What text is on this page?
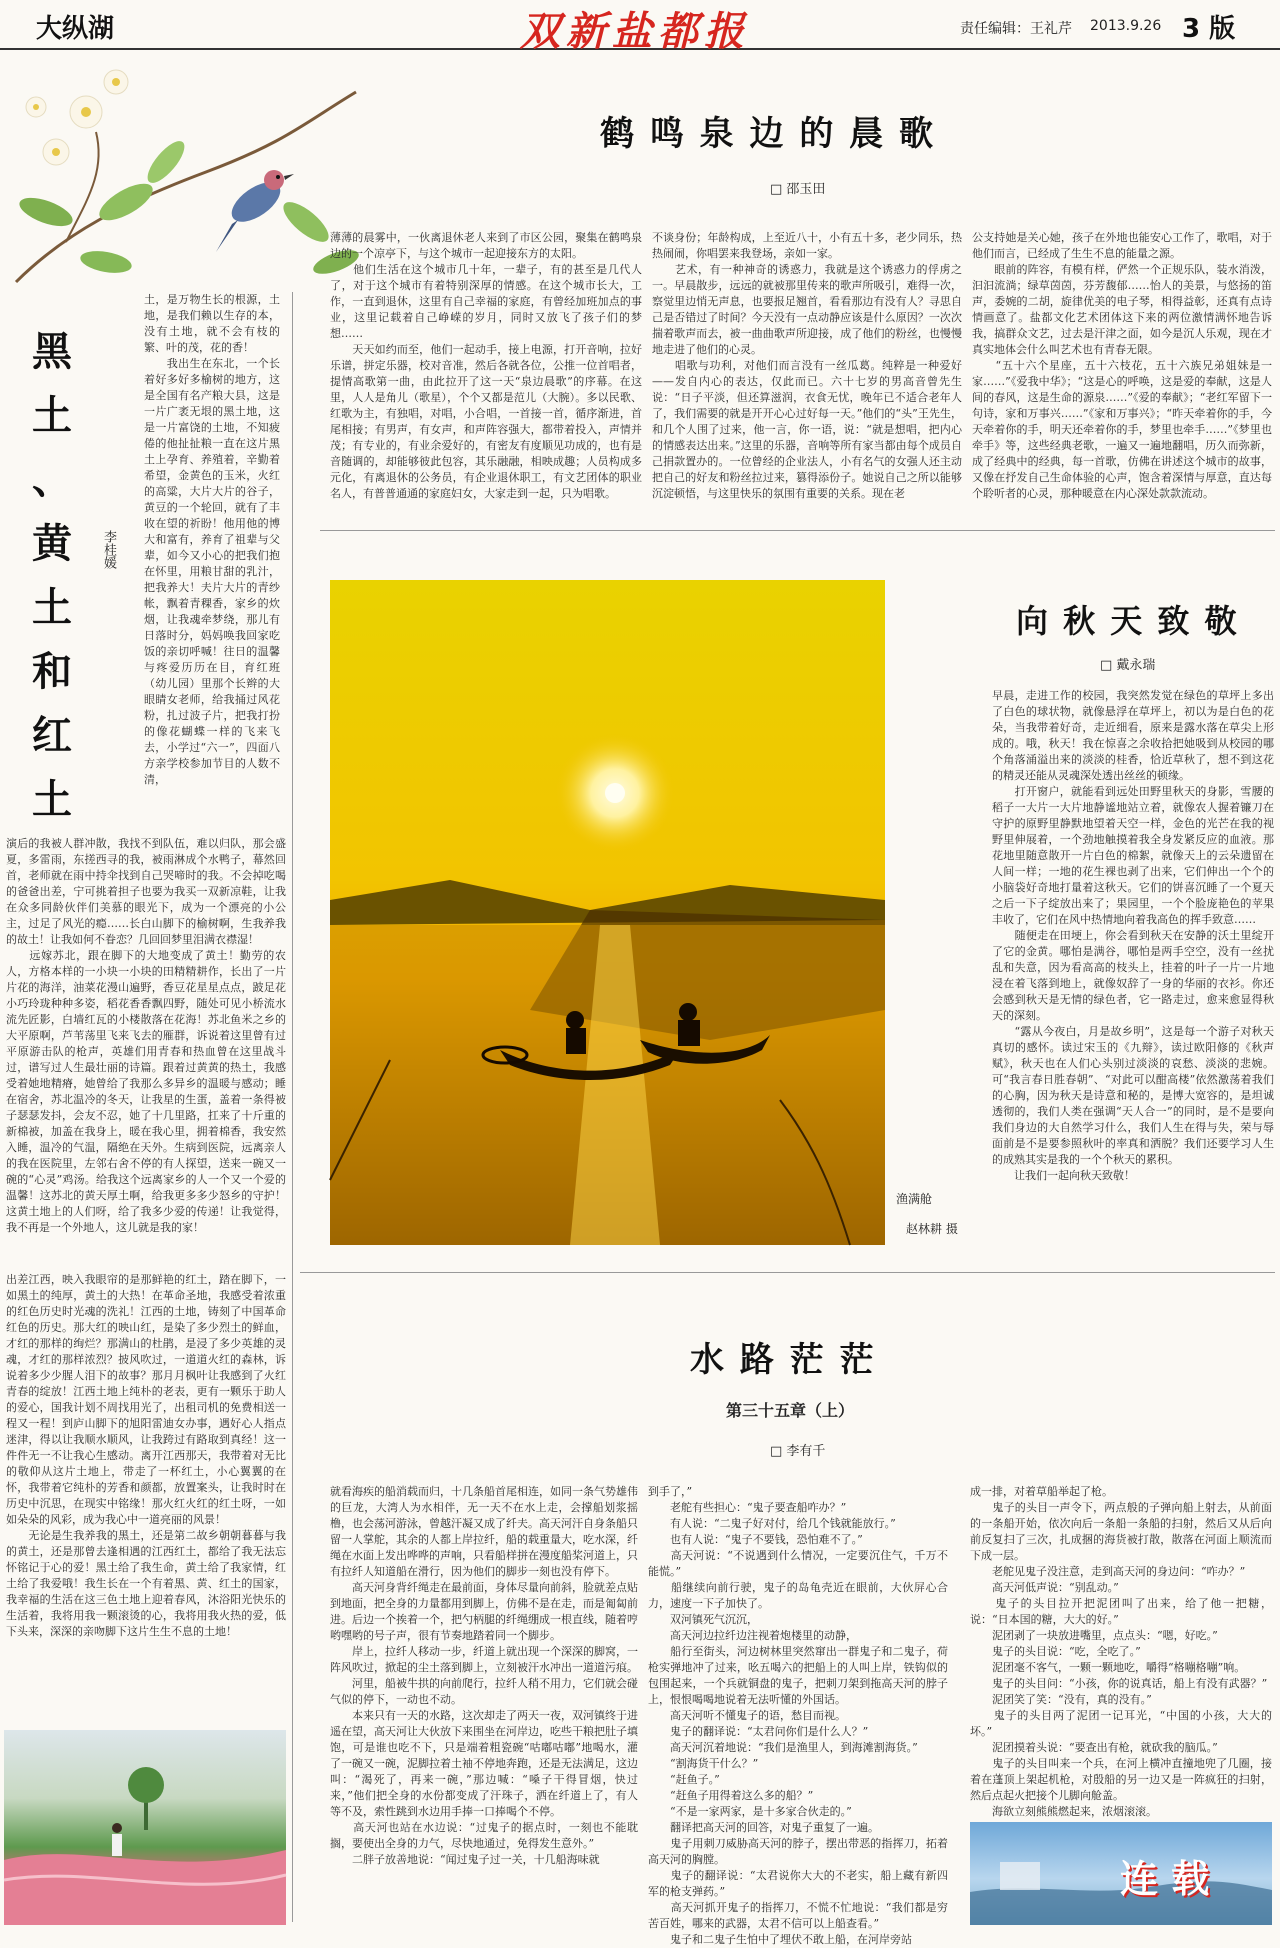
大纵湖	双新盐都报	责任编辑：王礼芹 2013.9.26 3 版
鹤 鸣 泉 边 的 晨 歌
□ 邵玉田
薄薄的晨雾中，一伙离退休老人来到了市区公园，聚集在鹤鸣泉边的一个凉亭下，与这个城市一起迎接东方的太阳。
　　他们生活在这个城市几十年，一辈子，有的甚至是几代人了，对于这个城市有着特别深厚的情感。在这个城市长大，工作，一直到退休，这里有自己幸福的家庭，有曾经加班加点的事业，这里记载着自己峥嵘的岁月，同时又放飞了孩子们的梦想……
　　天天如约而至，他们一起动手，接上电源，打开音响，拉好乐谱，拼定乐器，校对音准，然后各就各位，公推一位首唱者，提情高歌第一曲，由此拉开了这一天“泉边晨歌”的序幕。在这里，人人是角儿（歌星），个个又都是范儿（大腕）。多以民歌、红歌为主，有独唱，对唱，小合唱，一首接一首，循序渐进，首尾相接；有男声，有女声，和声阵容强大，都带着投入，声情并茂；有专业的，有业余爱好的，有密友有度顺见功成的，也有是音随调的，却能够彼此包容，其乐融融，相映成趣；人员构成多元化，有离退休的公务员，有企业退休职工，有文艺团体的职业名人，有普普通通的家庭妇女，大家走到一起，只为唱歌。
不谈身份；年龄构成，上至近八十，小有五十多，老少同乐，热热闹闹，你唱罢来我登场，亲如一家。
　　艺术，有一种神奇的诱惑力，我就是这个诱惑力的俘虏之一。早晨散步，远远的就被那里传来的歌声所吸引，难得一次，察觉里边悄无声息，也要报足翘首，看看那边有没有人？寻思自己是否错过了时间？今天没有一点动静应该是什么原因？一次次揣着歌声而去，被一曲曲歌声所迎接，成了他们的粉丝，也慢慢地走进了他们的心灵。
　　唱歌与功利，对他们而言没有一丝瓜葛。纯粹是一种爱好——发自内心的表达，仅此而已。六十七岁的男高音曾先生说：“日子平淡，但还算滋润，衣食无忧，晚年已不适合老年人了，我们需要的就是开开心心过好每一天。”他们的“头”王先生，和几个人围了过来，他一言，你一语，说：“就是想唱，把内心的情感表达出来。”这里的乐器，音响等所有家当都由每个成员自己捐款置办的。一位曾经的企业法人，小有名气的女强人还主动把自己的好友和粉丝拉过来，篡得添份子。她说自己之所以能够沉淀顿悟，与这里快乐的氛围有重要的关系。现在老
公支持她是关心她，孩子在外地也能安心工作了，歌唱，对于他们而言，已经成了生生不息的能量之源。
　　眼前的阵容，有模有样，俨然一个正规乐队，装水消泼，汩汩流淌；绿草茵茵，芬芳馥郁……怡人的美景，与悠扬的笛声，委婉的二胡，旋律优美的电子琴，相得益彰，还真有点诗情画意了。盐都文化艺术团体这下来的两位激情满怀地告诉我，搞群众文艺，过去是汗津之面，如今是沉人乐观，现在才真实地体会什么叫艺术也有青春无限。
　　“五十六个星座，五十六枝花，五十六族兄弟姐妹是一家……”《爱我中华》；“这是心的呼唤，这是爱的奉献，这是人间的春风，这是生命的源泉……”《爱的奉献》；“老红军留下一句诗，家和万事兴……”《家和万事兴》；“昨天牵着你的手，今天牵着你的手，明天还牵着你的手，梦里也牵手……”《梦里也牵手》等，这些经典老歌，一遍又一遍地翻唱，历久而弥新，成了经典中的经典，每一首歌，仿佛在讲述这个城市的故事，又像在抒发自己生命体验的心声，饱含着深情与厚意，直达每个聆听者的心灵，那种暖意在内心深处款款流动。
黑
土
、
黄
土
和
红
土
李桂媛
土，是万物生长的根源，土地，是我们赖以生存的本，没有土地，就不会有枝的繁、叶的茂，花的香！
　　我出生在东北，一个长着好多好多榆树的地方，这是全国有名产粮大县，这是一片广袤无垠的黑土地，这是一片富饶的土地，不知疲倦的他扯扯粮一直在这片黑土上孕育、养殖着，辛勤着希望，金黄色的玉米，火红的高粱，大片大片的谷子，黄豆的一个轮回，就有了丰收在望的祈盼！他用他的博大和富有，养育了祖辈与父辈，如今又小心的把我们抱在怀里，用粮甘甜的乳汁，把我养大！夫片大片的青纱帐，飘着青稞香，家乡的炊烟，让我魂牵梦绕，那儿有日落时分，妈妈唤我回家吃饭的亲切呼喊！往日的温馨与疼爱历历在目，育红班（幼儿园）里那个长辫的大眼睛女老师，给我捅过风花粉，扎过波子片，把我打扮的像花蝴蝶一样的飞来飞去，小学过“六一”，四面八方亲学校参加节目的人数不清，
演后的我被人群冲散，我找不到队伍，难以归队，那会盛夏，多雷雨，东搓西寻的我，被雨淋成个水鸭子，幕然回首，老师就在雨中持伞找到自己哭啼时的我。不会掉吃喝的爸爸出差，宁可挑着担子也要为我买一双新凉鞋，让我在众多同龄伙伴们美慕的眼光下，成为一个漂亮的小公主，过足了风光的瘾……长白山脚下的榆树啊，生我养我的故土！让我如何不眷恋？几回回梦里泪满衣襟湿！
　　远嫁苏北，跟在脚下的大地变成了黄土！勤劳的农人，方格本样的一小块一小块的田精精耕作，长出了一片片花的海洋，油菜花漫山遍野，香豆花星星点点，跛足花小巧玲珑种种多姿，稻花香香飘四野，随处可见小桥流水流先匠影，白墙红瓦的小楼散落在花海！苏北鱼米之乡的大平原啊，芦苇荡里飞来飞去的雁群，诉说着这里曾有过平原游击队的枪声，英雄们用青春和热血曾在这里战斗过，谱写过人生最壮丽的诗篇。跟着过黄黄的热土，我感受着她地精瘠，她曾给了我那么多异乡的温暖与感动；睡在宿舍，苏北温冷的冬天，让我星的生蛋，盖着一条得被子瑟瑟发抖，会友不忍，她了十几里路，扛来了十斤重的新棉被，加盖在我身上，暖在我心里，拥着棉香，我安然入睡，温冷的气温，隔绝在天外。生病到医院，远离亲人的我在医院里，左邻右舍不停的有人探望，送来一碗又一碗的“心灵”鸡汤。给我这个远离家乡的人一个又一个爱的温馨！这苏北的黄天厚土啊，给我更多多少怒乡的守护！这黄土地上的人们呀，给了我多少爱的传递！让我觉得，我不再是一个外地人，这儿就是我的家！
出差江西，映入我眼帘的是那鲜艳的红土，踏在脚下，一如黑土的纯厚，黄土的大热！在革命圣地，我感受着浓重的红色历史时光魂的洗礼！江西的土地，铸刻了中国革命红色的历史。那大红的映山红，是染了多少烈土的鲜血，才红的那样的绚烂？那满山的杜鹃，是浸了多少英雄的灵魂，才红的那样浓烈？披风吹过，一道道火红的森林，诉说着多少少腥人泪下的故事？那月月枫叶让我感到了火红青春的绽放！江西土地上纯朴的老表，更有一颗乐于助人的爱心，国我计划不周找用光了，出租司机的免费相送一程又一程！到庐山脚下的旭阳雷迪女办事，遇好心人指点迷津，得以让我顺水顺风，让我跨过有路取到真经！这一件件无一不让我心生感动。离开江西那天，我带着对无比的敬仰从这片土地上，带走了一杯红土，小心翼翼的在怀，我带着它纯朴的芳香和颜都，放置案头，让我时时在历史中沉思，在现实中铭缘！那火红火红的红土呀，一如如朵朵的风彩，成为我心中一道亮丽的风景！
　　无论是生我养我的黑土，还是第二故乡朝朝暮暮与我的黄土，还是那曾去逢相遇的江西红土，都给了我无法忘怀铭记于心的爱！黑土给了我生命，黄土给了我家情，红土给了我爱哦！我生长在一个有着黑、黄、红土的国家，我幸福的生活在这三色土地上迎着春风，沐浴阳光快乐的生活着，我将用我一颗滚烫的心，我将用我火热的爱，低下头来，深深的亲吻脚下这片生生不息的土地！
渔满舱
赵林耕 摄
向 秋 天 致 敬
□ 戴永瑞
早晨，走进工作的校园，我突然发觉在绿色的草坪上多出了白色的球状物，就像悬浮在草坪上，初以为是白色的花朵，当我带着好奇，走近细看，原来是露水落在草尖上形成的。哦，秋天！我在惊喜之余收拾把她吸到从校园的哪个角落涌溢出来的淡淡的桂香，恰近草秋了，想不到这花的精灵还能从灵魂深处透出丝丝的顿缘。
　　打开窗户，就能看到远处田野里秋天的身影，雪腰的稻子一大片一大片地静谧地站立着，就像农人握着镰刀在守护的原野里静默地望着天空一样，金色的光芒在我的视野里伸展着，一个劲地触摸着我全身发紧反应的血液。那花地里随意散开一片白色的棉絮，就像天上的云朵遗留在人间一样；一地的花生裸也剥了出来，它们伸出一个个的小脑袋好奇地打量着这秋天。它们的饼喜沉睡了一个夏天之后一下子绽放出来了；果园里，一个个脸庞艳色的苹果丰收了，它们在风中热情地向着我高色的挥手致意……
　　随便走在田埂上，你会看到秋天在安静的沃土里绽开了它的金黄。哪怕是满谷，哪怕是两手空空，没有一丝扰乱和失意，因为看高高的枝头上，挂着的叶子一片一片地浸在着飞落到地上，就像奴辞了一身的华丽的衣衫。你还会感到秋天是无情的绿色者，它一路走过，愈来愈显得秋天的深刻。
　　“露从今夜白，月是故乡明”，这是每一个游子对秋天真切的感怀。读过宋玉的《九辩》，读过欧阳修的《秋声赋》，秋天也在人们心头别过淡淡的哀愁、淡淡的悲婉。可“我言春日胜春朝”、“对此可以酣高楼”依然激荡着我们的心胸，因为秋天是诗意和秘的，是博大宽容的，是坦诚透彻的，我们人类在强调“天人合一”的同时，是不是要向我们身边的大自然学习什么，我们人生在得与失，荣与辱面前是不是要参照秋叶的率真和洒脱？我们还要学习人生的成熟其实是我的一个个秋天的累积。
　　让我们一起向秋天致敬！
水 路 茫 茫
第三十五章（上）
□ 李有千
就看海疾的船消载而归，十几条船首尾相连，如同一条气势雄伟的巨龙，大湾人为水相伴，无一天不在水上走，会撑船划浆摇橹，也会荡河游泳，曾越汗凝又成了纤夫。高天河汗自身条船只留一人掌舵，其余的人都上岸拉纤，船的载重量大，吃水深，纤绳在水面上发出哗哗的声响，只看船样拼在漫度船桨河道上，只有拉纤人知道船在滑行，因为他们的脚步一刻也没有停下。
　　高天河身背纤绳走在最前面，身体尽量向前斜，脸就差点贴到地面，把全身的力量都用到脚上，仿佛不是在走，而是匍匐前进。后边一个挨着一个，把勺柄腿的纤绳绷成一根直线，随着哼哟嘿哟的号子声，很有节奏地踏着同一个脚步。
　　岸上，拉纤人移动一步，纤道上就出现一个深深的脚窝，一阵风吹过，掀起的尘土落到脚上，立刻被汗水冲出一道道污痕。
　　河里，船被牛拱的向前爬行，拉纤人稍不用力，它们就会碰气似的停下，一动也不动。
　　本来只有一天的水路，这次却走了两天一夜，双河镇终于进遥在望，高天河让大伙放下来围坐在河岸边，吃些干粮把肚子填饱，可是谁也吃不下，只是端着粗瓷碗“咕嘟咕嘟”地喝水，灌了一碗又一碗，泥脚拉着土袖不停地奔跑，还是无法满足，这边叫：“渴死了，再来一碗，”那边喊：“嗓子干得冒烟，快过来，”他们把全身的水份都变成了汗珠子，洒在纤道上了，有人等不及，索性跳到水边用手捧一口捧喝个不停。
　　高天河也站在水边说：“过鬼子的据点时，一刻也不能耽搁，要使出全身的力气，尽快地通过，免得发生意外。”
　　二胖子放善地说：“闻过鬼子过一关，十几船海味就
到手了，”
　　老舵有些担心：“鬼子要查船咋办？”
　　有人说：“二鬼子好对付，给几个钱就能放行。”
　　也有人说：“鬼子不要钱，恐怕难不了。”
　　高天河说：“不说遇到什么情况，一定要沉住气，千万不能慌。”
　　船继续向前行驶，鬼子的岛龟壳近在眼前，大伙屏心合力，速度一下子加快了。
　　双河镇死气沉沉，
　　高天河边拉纤边注视着炮楼里的动静，
　　船行至街头，河边树林里突然窜出一群鬼子和二鬼子，荷枪实弹地冲了过来，吆五喝六的把船上的人叫上岸，铁钩似的包围起来，一个兵就铜盘的鬼子，把刺刀架到拖高天河的脖子上，恨恨喝喝地说着无法听懂的外国话。
　　高天河听不懂鬼子的语，愁目而视。
　　鬼子的翻译说：“太君问你们是什么人？”
　　高天河沉着地说：“我们是渔里人，到海滩割海货。”
　　“割海货干什么？”
　　“赶鱼子。”
　　“赶鱼子用得着这么多的船？”
　　“不是一家两家，是十多家合伙走的。”
　　翻译把高天河的回答，对鬼子重复了一遍。
　　鬼子用刺刀威胁高天河的脖子，摆出带恶的指挥刀，拓着高天河的胸膛。
　　鬼子的翻译说：“太君说你大大的不老实，船上藏有新四军的枪支弹药。”
　　高天河抓开鬼子的指挥刀，不慌不忙地说：“我们都是穷苦百姓，哪来的武器，太君不信可以上船查看。”
　　鬼子和二鬼子生怕中了埋伏不敢上船，在河岸旁站
成一排，对着草船举起了枪。
　　鬼子的头目一声令下，两点般的子弹向船上射去，从前面的一条船开始，依次向后一条船一条船的扫射，然后又从后向前反复扫了三次，扎成捆的海货被打散，散落在河面上顺流而下成一层。
　　老舵见鬼子没注意，走到高天河的身边问：“咋办？”
　　高天河低声说：“别乱动。”
　　鬼子的头目拉开把泥团叫了出来，给了他一把糖，说：“日本国的糖，大大的好。”
　　泥团剥了一块放进嘴里，点点头：“嗯，好吃。”
　　鬼子的头目说：“吃，全吃了。”
　　泥团毫不客气，一颗一颗地吃，嚼得“格嘣格嘣”响。
　　鬼子的头目问：“小孩，你的说真话，船上有没有武器？”
　　泥团笑了笑：“没有，真的没有。”
　　鬼子的头目两了泥团一记耳光，“中国的小孩，大大的坏。”
　　泥团摸着头说：“要查出有枪，就砍我的脑瓜。”
　　鬼子的头目叫来一个兵，在河上横冲直撞地兜了几圈，接着在蓬顶上架起机枪，对殷船的另一边又是一阵疯狂的扫射，然后点起火把接个儿脚向舱盖。
　　海欲立刻熊熊燃起来，浓烟滚滚。
连 载
